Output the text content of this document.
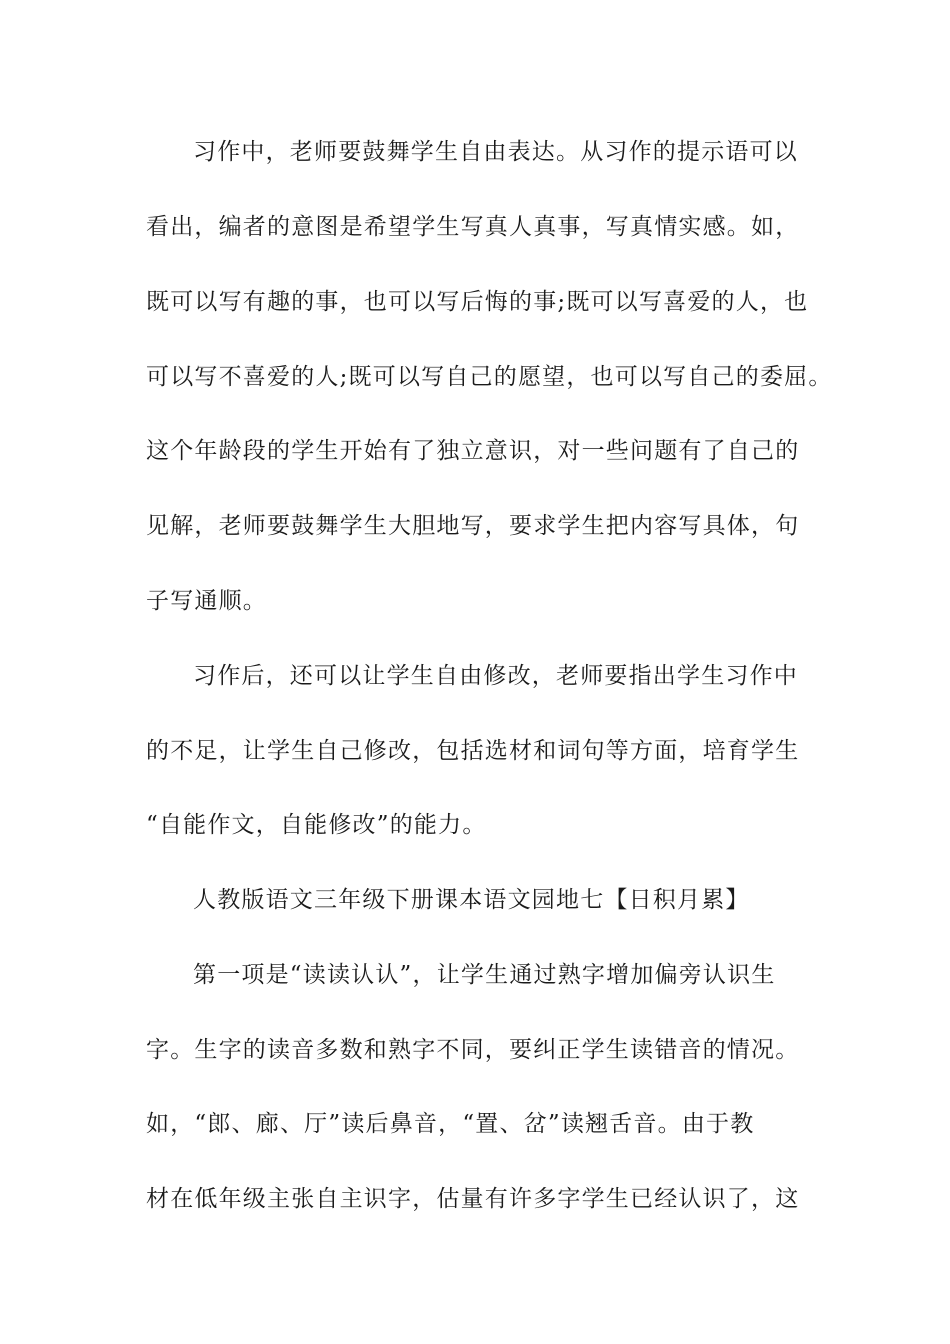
习作中，老师要鼓舞学生自由表达。从习作的提示语可以
看出，编者的意图是希望学生写真人真事，写真情实感。如，
既可以写有趣的事，也可以写后悔的事;既可以写喜爱的人，也
可以写不喜爱的人;既可以写自己的愿望，也可以写自己的委屈。
这个年龄段的学生开始有了独立意识，对一些问题有了自己的
见解，老师要鼓舞学生大胆地写，要求学生把内容写具体，句
子写通顺。
习作后，还可以让学生自由修改，老师要指出学生习作中
的不足，让学生自己修改，包括选材和词句等方面，培育学生
“自能作文，自能修改”的能力。
人教版语文三年级下册课本语文园地七【日积月累】
第一项是“读读认认”，让学生通过熟字增加偏旁认识生
字。生字的读音多数和熟字不同，要纠正学生读错音的情况。
如，“郎、廊、厅”读后鼻音，“置、岔”读翘舌音。由于教
材在低年级主张自主识字，估量有许多字学生已经认识了，这
